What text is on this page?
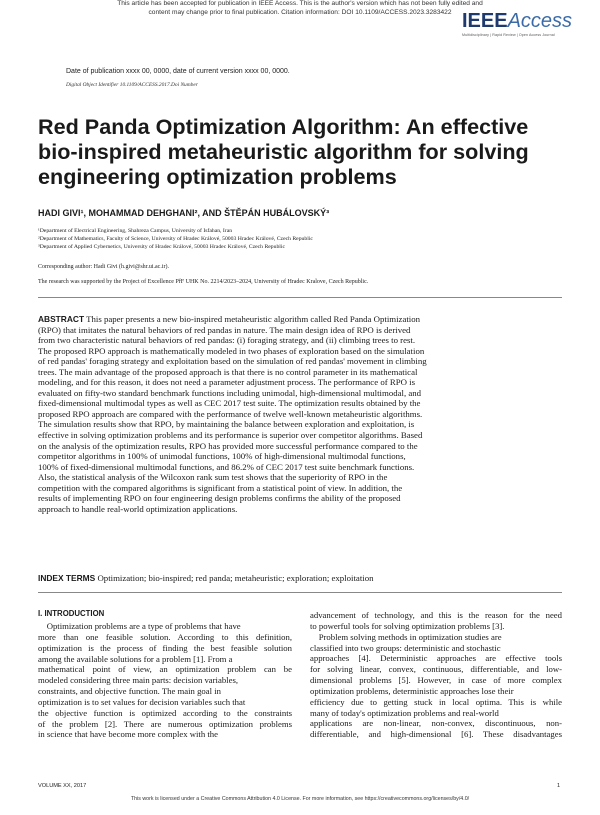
This article has been accepted for publication in IEEE Access. This is the author's version which has not been fully edited and
content may change prior to final publication. Citation information: DOI 10.1109/ACCESS.2023.3283422 IEEEAccess
Multidisciplinary | Rapid Review | Open Access Journal
Date of publication xxxx 00, 0000, date of current version xxxx 00, 0000.
Digital Object Identifier 10.1109/ACCESS.2017.Doi Number
Red Panda Optimization Algorithm: An effective
bio-inspired metaheuristic algorithm for solving
engineering optimization problems
HADI GIVI¹, MOHAMMAD DEHGHANI², AND ŠTĚPÁN HUBÁLOVSKÝ³
¹Department of Electrical Engineering, Shahreza Campus, University of Isfahan, Iran
²Department of Mathematics, Faculty of Science, University of Hradec Králové, 50003 Hradec Králové, Czech Republic
³Department of Applied Cybernetics, University of Hradec Králové, 50003 Hradec Králové, Czech Republic
Corresponding author: Hadi Givi (h.givi@shr.ui.ac.ir).
The research was supported by the Project of Excellence PřF UHK No. 2214/2023–2024, University of Hradec Kralove, Czech Republic.
ABSTRACT This paper presents a new bio-inspired metaheuristic algorithm called Red Panda Optimization
(RPO) that imitates the natural behaviors of red pandas in nature. The main design idea of RPO is derived
from two characteristic natural behaviors of red pandas: (i) foraging strategy, and (ii) climbing trees to rest.
The proposed RPO approach is mathematically modeled in two phases of exploration based on the simulation
of red pandas' foraging strategy and exploitation based on the simulation of red pandas' movement in climbing
trees. The main advantage of the proposed approach is that there is no control parameter in its mathematical
modeling, and for this reason, it does not need a parameter adjustment process. The performance of RPO is
evaluated on fifty-two standard benchmark functions including unimodal, high-dimensional multimodal, and
fixed-dimensional multimodal types as well as CEC 2017 test suite. The optimization results obtained by the
proposed RPO approach are compared with the performance of twelve well-known metaheuristic algorithms.
The simulation results show that RPO, by maintaining the balance between exploration and exploitation, is
effective in solving optimization problems and its performance is superior over competitor algorithms. Based
on the analysis of the optimization results, RPO has provided more successful performance compared to the
competitor algorithms in 100% of unimodal functions, 100% of high-dimensional multimodal functions,
100% of fixed-dimensional multimodal functions, and 86.2% of CEC 2017 test suite benchmark functions.
Also, the statistical analysis of the Wilcoxon rank sum test shows that the superiority of RPO in the
competition with the compared algorithms is significant from a statistical point of view. In addition, the
results of implementing RPO on four engineering design problems confirms the ability of the proposed
approach to handle real-world optimization applications.
INDEX TERMS Optimization; bio-inspired; red panda; metaheuristic; exploration; exploitation
I. INTRODUCTION
Optimization problems are a type of problems that have
more than one feasible solution. According to this definition,
optimization is the process of finding the best feasible solution
among the available solutions for a problem [1]. From a
mathematical point of view, an optimization problem can be
modeled considering three main parts: decision variables,
constraints, and objective function. The main goal in
optimization is to set values for decision variables such that
the objective function is optimized according to the constraints
of the problem [2]. There are numerous optimization problems
in science that have become more complex with the
advancement of technology, and this is the reason for the need
to powerful tools for solving optimization problems [3].
Problem solving methods in optimization studies are
classified into two groups: deterministic and stochastic
approaches [4]. Deterministic approaches are effective tools
for solving linear, convex, continuous, differentiable, and low-
dimensional problems [5]. However, in case of more complex
optimization problems, deterministic approaches lose their
efficiency due to getting stuck in local optima. This is while
many of today's optimization problems and real-world
applications are non-linear, non-convex, discontinuous, non-
differentiable, and high-dimensional [6]. These disadvantages
VOLUME XX, 2017	1
This work is licensed under a Creative Commons Attribution 4.0 License. For more information, see https://creativecommons.org/licenses/by/4.0/
